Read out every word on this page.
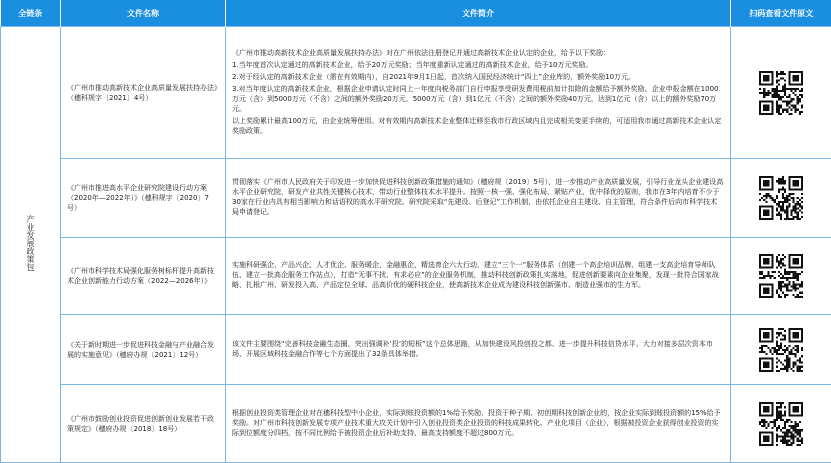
全链条	文件名称	文件简介	扫码查看文件原文
产业发展政策包	《广州市推动高新技术企业高质量发展扶持办法》（穗科规字〔2021〕4号）	《广州市推动高新技术企业高质量发展扶持办法》对在广州依法注册登记并通过高新技术企业认定的企业，给予以下奖励：

1.当年度首次认定通过的高新技术企业，给予20万元奖励；当年度重新认定通过的高新技术企业，给予10万元奖励。

2.对于经认定的高新技术企业（需在有效期内），自2021年9月1日起，首次纳入国民经济统计“四上”企业库的，额外奖励10万元。

3.对当年度认定的高新技术企业，根据企业申请认定时同上一年度向税务部门自行申报享受研发费用税前加计扣除的金额给予额外奖励。企业申报金额在1000万元（含）到5000万元（不含）之间的额外奖励20万元，5000万元（含）到1亿元（不含）之间的额外奖励40万元，达到1亿元（含）以上的额外奖励70万元。

以上奖励累计最高100万元，由企业统筹使用。对有效期内高新技术企业整体迁移至我市行政区域内且完成相关变更手续的，可适用我市通过高新技术企业认定奖励政策。

	《广州市推进高水平企业研究院建设行动方案（2020年—2022年）》（穗科规字〔2020〕7号）	贯彻落实《广州市人民政府关于印发进一步加快促进科技创新政策措施的通知》（穗府规〔2019〕5号），进一步推动产业高质量发展，引导行业龙头企业建设高水平企业研究院，研发产业共性关键核心技术，带动行业整体技术水平提升。按照一核一强、强化布局、紧贴产业、优中择优的原则，我市在3年内培育不少于30家在行业内具有相当影响力和话语权的高水平研究院。研究院采取“先建设、后登记”工作机制，由依托企业自主建设、自主管理，符合条件后向市科学技术局申请登记。

	《广州市科学技术局强化服务树标杆提升高新技术企业创新能力行动方案（2022—2026年）》	实施科研强企、产品兴企、人才优企、服务暖企、金融惠企、精选育企六大行动，建立“三个一”服务体系（创建一个高企培训品牌、组建一支高企培育导师队伍、建立一批高企服务工作站点），打造“无事不扰、有求必应”的企业服务机制，推动科技创新政策扎实落地，促进创新要素向企业集聚，发现一批符合国家战略、扎根广州、研发投入高、产品定位全球、品高价优的硬科技企业，使高新技术企业成为建设科技创新强市、制造业强市的生力军。

	《关于新时期进一步促进科技金融与产业融合发展的实施意见》（穗府办规〔2021〕12号）	该文件主要围绕“完善科技金融生态圈，突出强调补‘投’的短板”这个总体思路，从加快建设风投创投之都、进一步提升科技信贷水平、大力对接多层次资本市场、开展区域科技金融合作等七个方面提出了32条具体举措。

	《广州市鼓励创业投资促进创新创业发展若干政策规定》（穗府办规〔2018〕18号）	根据创业投资类管理企业对在穗科技型中小企业，实际到账投资额的1%给予奖励，投资于种子期、初创期科技创新企业的，按企业实际到账投资额的15%给予奖励。对广州市科技创新发展专项产业技术重大攻关计划中引入创业投资类企业投资的科技成果转化、产业化项目（企业），根据被投资企业获得创业投资的实际到位额度分四档，按不同比例给予被投资企业后补助支持，最高支持额度不超过800万元。
